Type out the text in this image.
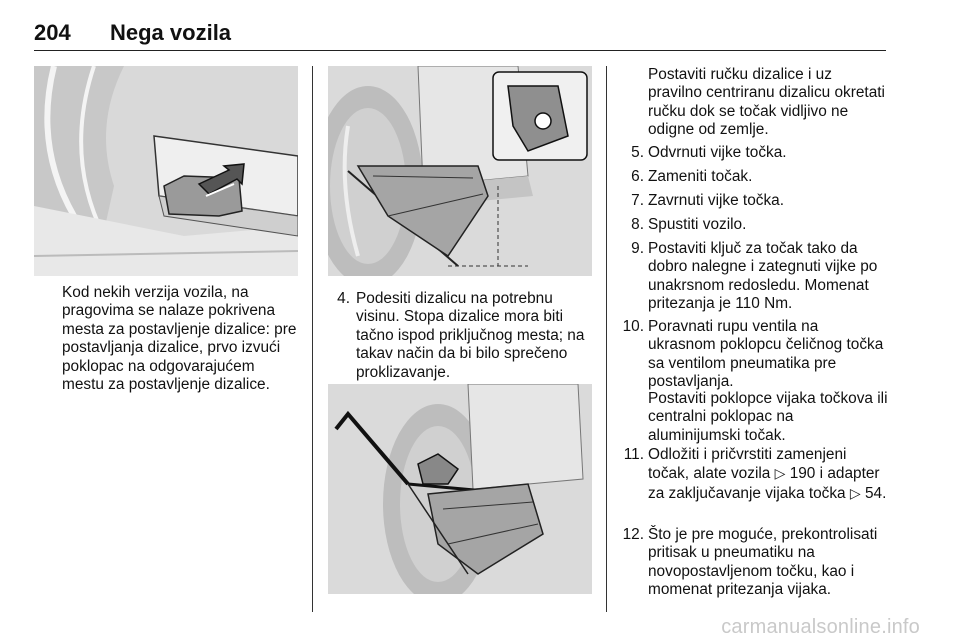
204 Nega vozila

Kod nekih verzija vozila, na pragovima se nalaze pokrivena mesta za postavljenje dizalice: pre postavljanja dizalice, prvo izvući poklopac na odgovarajućem mestu za postavljenje dizalice.

4. Podesiti dizalicu na potrebnu visinu. Stopa dizalice mora biti tačno ispod priključnog mesta; na takav način da bi bilo sprečeno proklizavanje.

Postaviti ručku dizalice i uz pravilno centriranu dizalicu okretati ručku dok se točak vidljivo ne odigne od zemlje.

5. Odvrnuti vijke točka.
6. Zameniti točak.
7. Zavrnuti vijke točka.
8. Spustiti vozilo.
9. Postaviti ključ za točak tako da dobro nalegne i zategnuti vijke po unakrsnom redosledu. Momenat pritezanja je 110 Nm.
10. Poravnati rupu ventila na ukrasnom poklopcu čeličnog točka sa ventilom pneumatika pre postavljanja.

Postaviti poklopce vijaka točkova ili centralni poklopac na aluminijumski točak.

11. Odložiti i pričvrstiti zamenjeni točak, alate vozila ▷ 190 i adapter za zaključavanje vijaka točka ▷ 54.
12. Što je pre moguće, prekontrolisati pritisak u pneumatiku na novopostavljenom točku, kao i momenat pritezanja vijaka.
carmanualsonline.info
